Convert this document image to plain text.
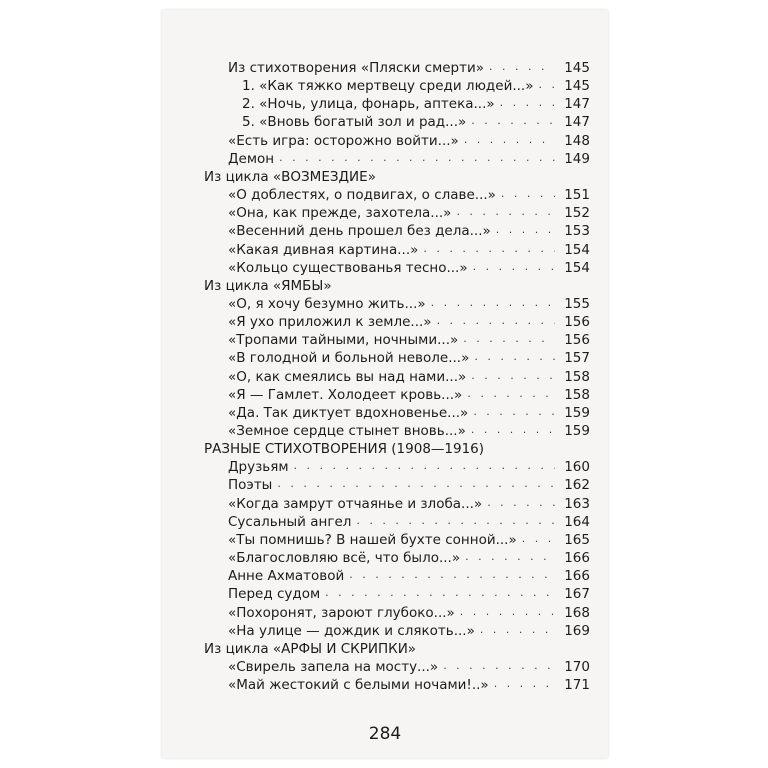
Из стихотворения «Пляски смерти» . . .	145
1. «Как тяжко мертвецу среди людей...» . . .	145
2. «Ночь, улица, фонарь, аптека...» . . .	147
5. «Вновь богатый зол и рад...» . . .	147
«Есть игра: осторожно войти...» . . .	148
Демон . . .	149
Из цикла «ВОЗМЕЗДИЕ»
«О доблестях, о подвигах, о славе...» . . .	151
«Она, как прежде, захотела...» . . .	152
«Весенний день прошел без дела...» . . .	153
«Какая дивная картина...» . . .	154
«Кольцо существованья тесно...» . . .	154
Из цикла «ЯМБЫ»
«О, я хочу безумно жить...» . . .	155
«Я ухо приложил к земле...» . . .	156
«Тропами тайными, ночными...» . . .	156
«В голодной и больной неволе...» . . .	157
«О, как смеялись вы над нами...» . . .	158
«Я — Гамлет. Холодеет кровь...» . . .	158
«Да. Так диктует вдохновенье...» . . .	159
«Земное сердце стынет вновь...» . . .	159
РАЗНЫЕ СТИХОТВОРЕНИЯ (1908—1916)
Друзьям . . .	160
Поэты . . .	162
«Когда замрут отчаянье и злоба...» . . .	163
Сусальный ангел . . .	164
«Ты помнишь? В нашей бухте сонной...» . . .	165
«Благословляю всё, что было...» . . .	166
Анне Ахматовой . . .	166
Перед судом . . .	167
«Похоронят, зароют глубоко...» . . .	168
«На улице — дождик и слякоть...» . . .	169
Из цикла «АРФЫ И СКРИПКИ»
«Свирель запела на мосту...» . . .	170
«Май жестокий с белыми ночами!..» . . .	171
284
